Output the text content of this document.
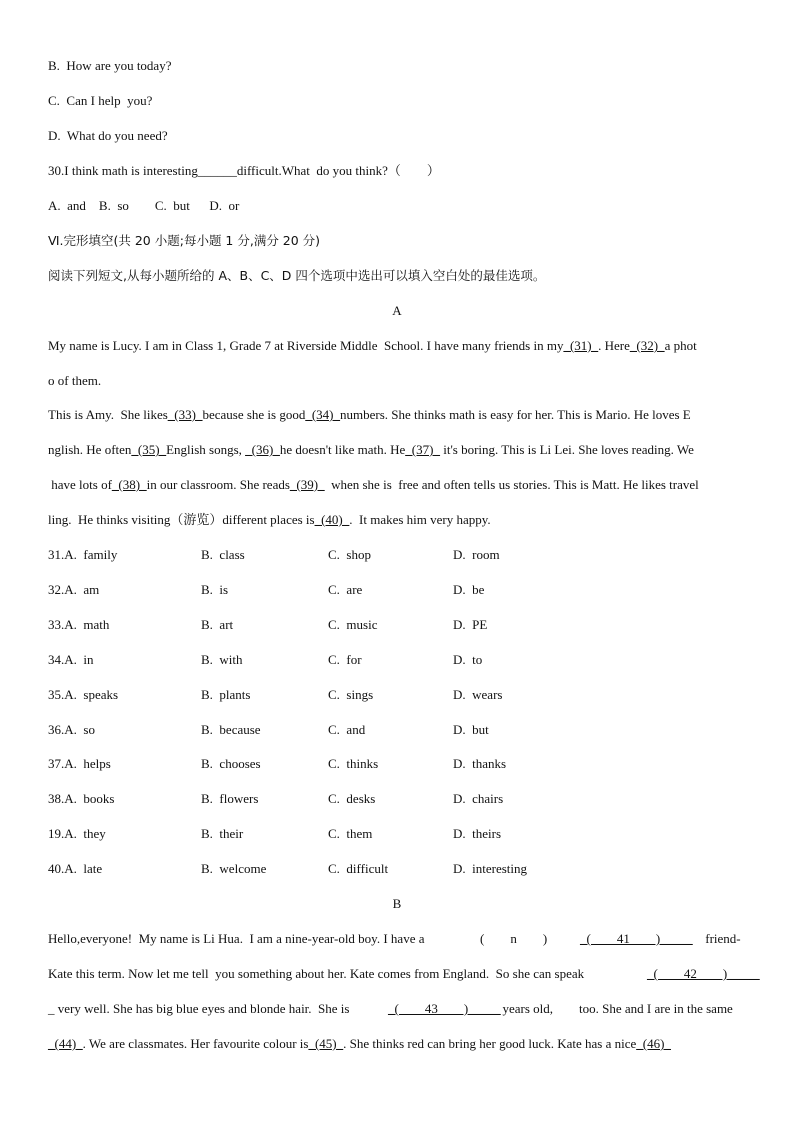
B.  How are you today?
C.  Can I help  you?
D.  What do you need?
30.I think math is interesting______difficult.What  do you think?（        ）
A.  and    B.  so        C.  but      D.  or
Ⅵ.完形填空(共 20 小题;每小题 1 分,满分 20 分)
阅读下列短文,从每小题所给的 A、B、C、D 四个选项中选出可以填入空白处的最佳选项。
A
My name is Lucy. I am in Class 1, Grade 7 at Riverside Middle  School. I have many friends in my_(31)_. Here_(32)_a phot
o of them.
This is Amy.  She likes_(33)_because she is good_(34)_numbers. She thinks math is easy for her. This is Mario. He loves E
nglish. He often_(35)_English songs, _(36)_he doesn't like math. He_(37)_ it's boring. This is Li Lei. She loves reading. We
have lots of_(38)_in our classroom. She reads_(39)_  when she is  free and often tells us stories. This is Matt. He likes travel
ling.  He thinks visiting（游览）different places is_(40)_.  It makes him very happy.
31.A.  family	B.  class	C.  shop	D.  room
32.A.  am	B.  is	C.  are	D.  be
33.A.  math	B.  art	C.  music	D.  PE
34.A.  in	B.  with	C.  for	D.  to
35.A.  speaks	B.  plants	C.  sings	D.  wears
36.A.  so	B.  because	C.  and	D.  but
37.A.  helps	B.  chooses	C.  thinks	D.  thanks
38.A.  books	B.  flowers	C.  desks	D.  chairs
19.A.  they	B.  their	C.  them	D.  theirs
40.A.  late	B.  welcome	C.  difficult	D.  interesting
B
Hello,everyone!  My name is Li Hua.  I am a nine-year-old boy. I have a	(        n        )	_(        41        )_____ friend-
Kate this term. Now let me tell  you something about her. Kate comes from England.  So she can speak	_(        42        )_____
_ very well. She has big blue eyes and blonde hair.  She is	_(        43        )_____
years old,        too. She and I are in the same
_(44)_. We are classmates. Her favourite colour is_(45)_. She thinks red can bring her good luck. Kate has a nice_(46)_
